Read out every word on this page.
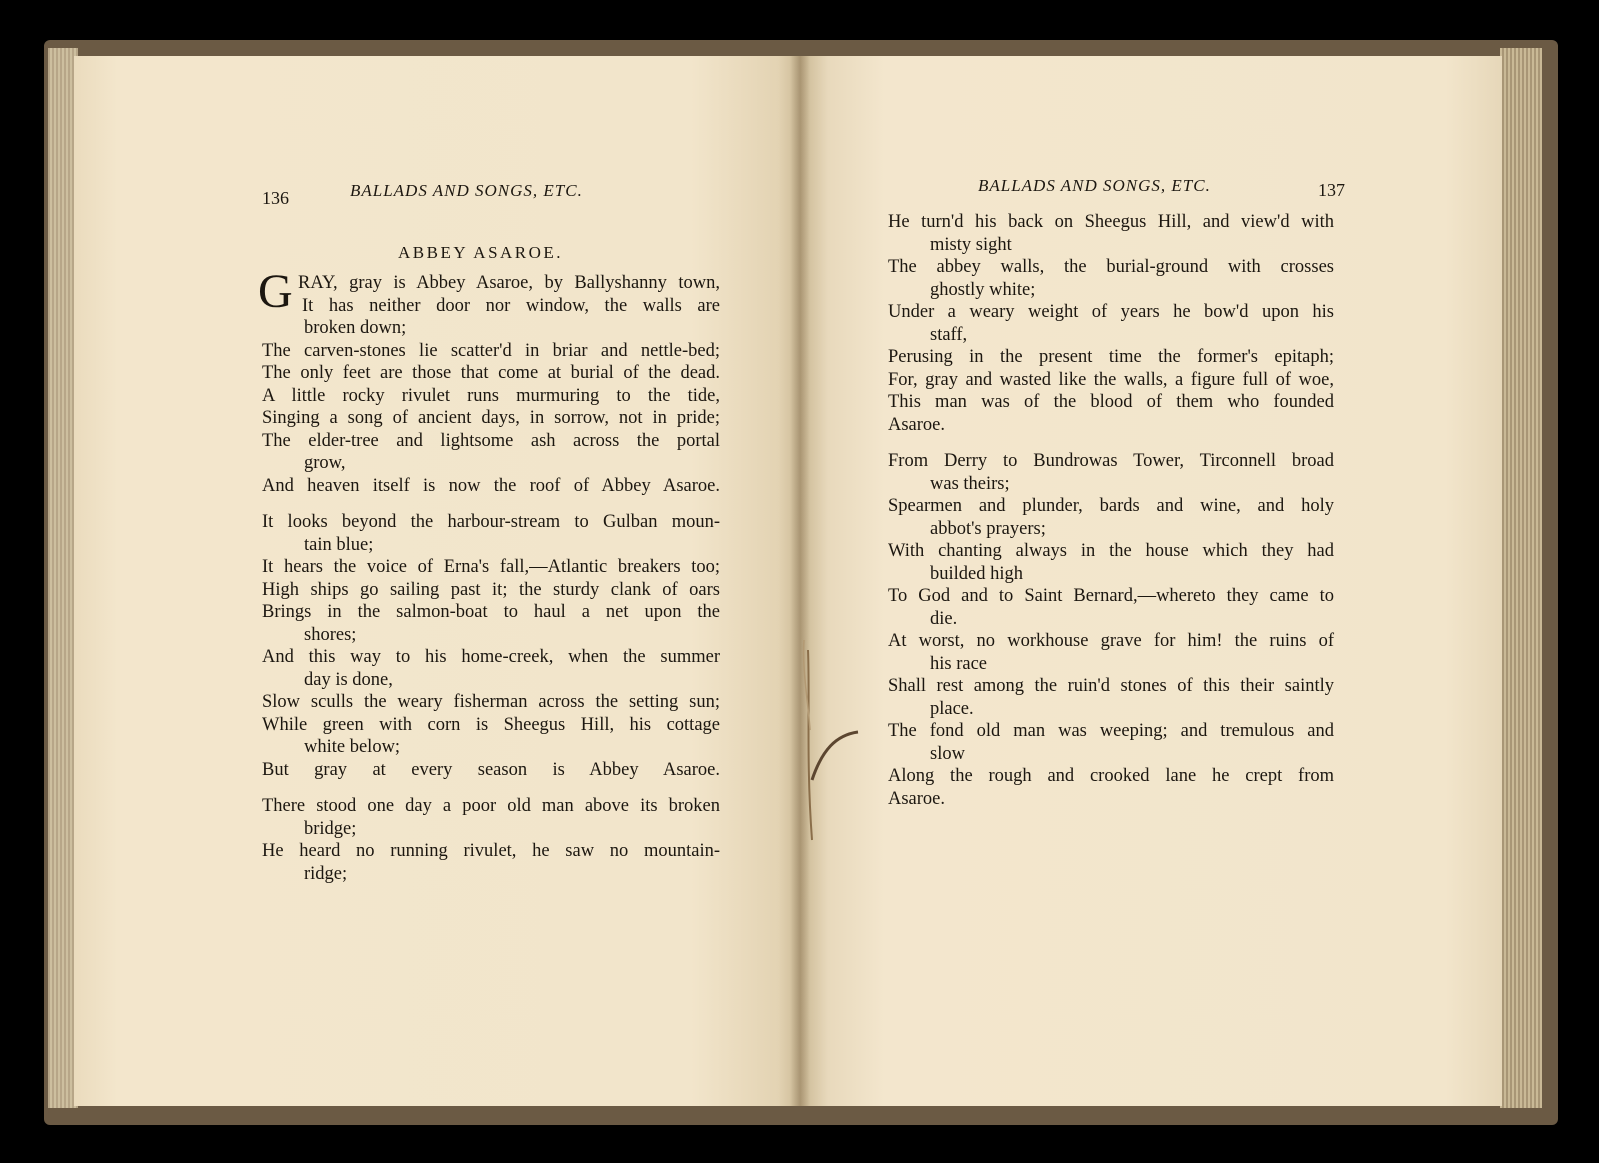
136	BALLADS AND SONGS, ETC.
ABBEY ASAROE.
G RAY, gray is Abbey Asaroe, by Ballyshanny town,
It has neither door nor window, the walls are
broken down;
The carven-stones lie scatter'd in briar and nettle-bed;
The only feet are those that come at burial of the dead.
A little rocky rivulet runs murmuring to the tide,
Singing a song of ancient days, in sorrow, not in pride;
The elder-tree and lightsome ash across the portal
grow,
And heaven itself is now the roof of Abbey Asaroe.
It looks beyond the harbour-stream to Gulban moun-
tain blue;
It hears the voice of Erna's fall,—Atlantic breakers too;
High ships go sailing past it; the sturdy clank of oars
Brings in the salmon-boat to haul a net upon the
shores;
And this way to his home-creek, when the summer
day is done,
Slow sculls the weary fisherman across the setting sun;
While green with corn is Sheegus Hill, his cottage
white below;
But gray at every season is Abbey Asaroe.
There stood one day a poor old man above its broken
bridge;
He heard no running rivulet, he saw no mountain-
ridge;
BALLADS AND SONGS, ETC.	137
He turn'd his back on Sheegus Hill, and view'd with
misty sight
The abbey walls, the burial-ground with crosses
ghostly white;
Under a weary weight of years he bow'd upon his
staff,
Perusing in the present time the former's epitaph;
For, gray and wasted like the walls, a figure full of woe,
This man was of the blood of them who founded
Asaroe.
From Derry to Bundrowas Tower, Tirconnell broad
was theirs;
Spearmen and plunder, bards and wine, and holy
abbot's prayers;
With chanting always in the house which they had
builded high
To God and to Saint Bernard,—whereto they came to
die.
At worst, no workhouse grave for him! the ruins of
his race
Shall rest among the ruin'd stones of this their saintly
place.
The fond old man was weeping; and tremulous and
slow
Along the rough and crooked lane he crept from
Asaroe.
